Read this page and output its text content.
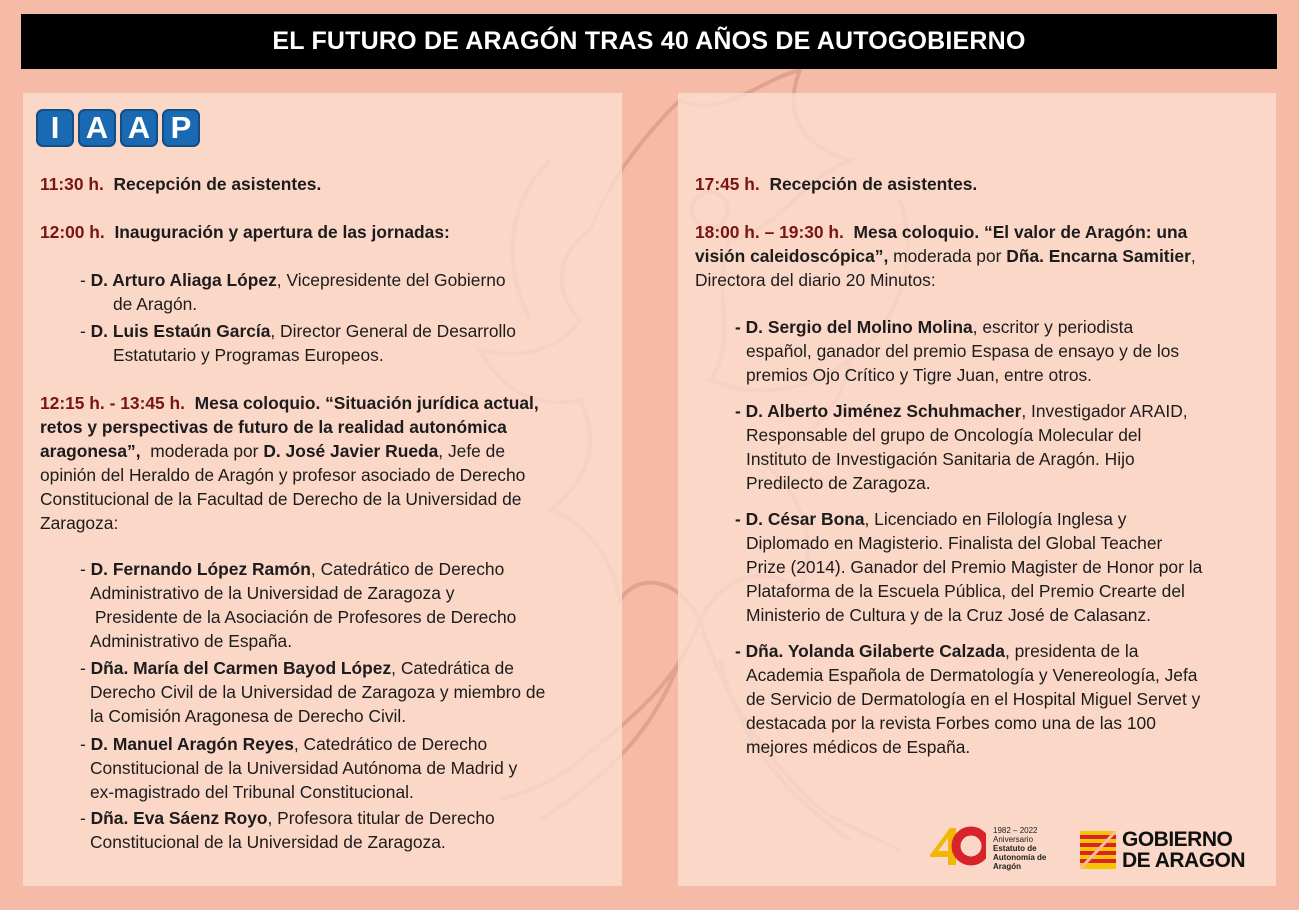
EL FUTURO DE ARAGÓN TRAS 40 AÑOS DE AUTOGOBIERNO
I A A P
11:30 h. Recepción de asistentes.
12:00 h. Inauguración y apertura de las jornadas:
- D. Arturo Aliaga López, Vicepresidente del Gobierno
de Aragón.
- D. Luis Estaún García, Director General de Desarrollo
Estatutario y Programas Europeos.
12:15 h. - 13:45 h. Mesa coloquio. “Situación jurídica actual,
retos y perspectivas de futuro de la realidad autonómica
aragonesa”, moderada por D. José Javier Rueda, Jefe de
opinión del Heraldo de Aragón y profesor asociado de Derecho
Constitucional de la Facultad de Derecho de la Universidad de
Zaragoza:
- D. Fernando López Ramón, Catedrático de Derecho
Administrativo de la Universidad de Zaragoza y
Presidente de la Asociación de Profesores de Derecho
Administrativo de España.
- Dña. María del Carmen Bayod López, Catedrática de
Derecho Civil de la Universidad de Zaragoza y miembro de
la Comisión Aragonesa de Derecho Civil.
- D. Manuel Aragón Reyes, Catedrático de Derecho
Constitucional de la Universidad Autónoma de Madrid y
ex-magistrado del Tribunal Constitucional.
- Dña. Eva Sáenz Royo, Profesora titular de Derecho
Constitucional de la Universidad de Zaragoza.
17:45 h. Recepción de asistentes.
18:00 h. – 19:30 h. Mesa coloquio. “El valor de Aragón: una
visión caleidoscópica”, moderada por Dña. Encarna Samitier,
Directora del diario 20 Minutos:
- D. Sergio del Molino Molina, escritor y periodista
español, ganador del premio Espasa de ensayo y de los
premios Ojo Crítico y Tigre Juan, entre otros.
- D. Alberto Jiménez Schuhmacher, Investigador ARAID,
Responsable del grupo de Oncología Molecular del
Instituto de Investigación Sanitaria de Aragón. Hijo
Predilecto de Zaragoza.
- D. César Bona, Licenciado en Filología Inglesa y
Diplomado en Magisterio. Finalista del Global Teacher
Prize (2014). Ganador del Premio Magister de Honor por la
Plataforma de la Escuela Pública, del Premio Crearte del
Ministerio de Cultura y de la Cruz José de Calasanz.
- Dña. Yolanda Gilaberte Calzada, presidenta de la
Academia Española de Dermatología y Venereología, Jefa
de Servicio de Dermatología en el Hospital Miguel Servet y
destacada por la revista Forbes como una de las 100
mejores médicos de España.
1982 – 2022
Aniversario
Estatuto de
Autonomía de
Aragón
GOBIERNO
DE ARAGON
